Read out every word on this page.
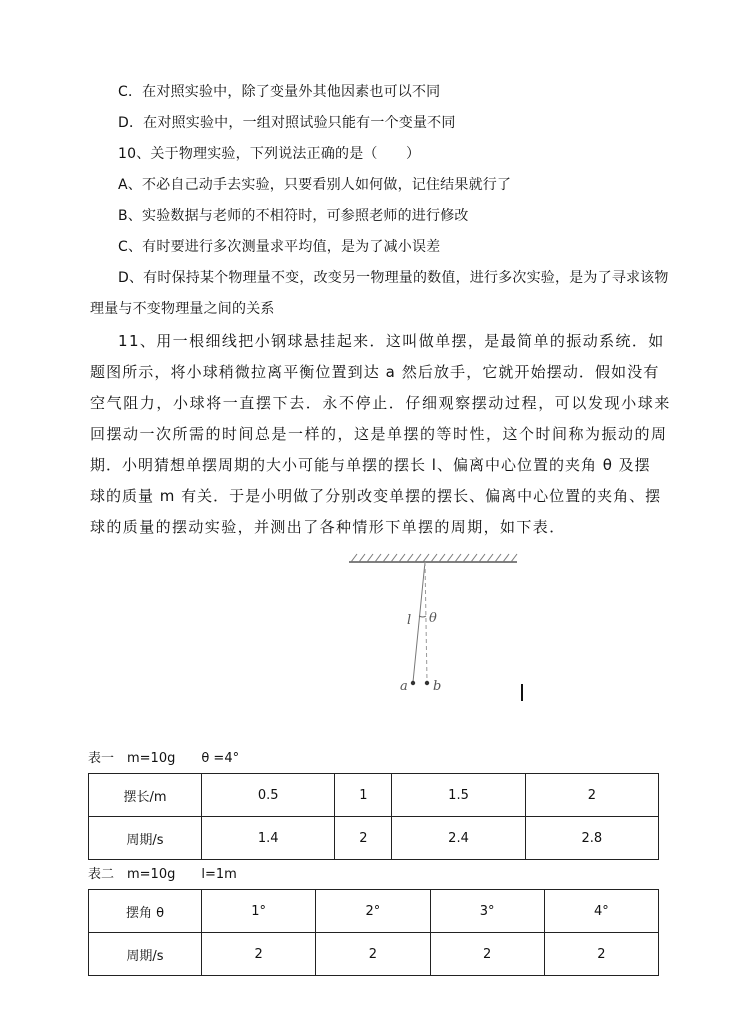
C．在对照实验中，除了变量外其他因素也可以不同
D．在对照实验中，一组对照试验只能有一个变量不同
10、关于物理实验，下列说法正确的是（　　）
A、不必自己动手去实验，只要看别人如何做，记住结果就行了
B、实验数据与老师的不相符时，可参照老师的进行修改
C、有时要进行多次测量求平均值，是为了减小误差
D、有时保持某个物理量不变，改变另一物理量的数值，进行多次实验，是为了寻求该物
理量与不变物理量之间的关系
11、用一根细线把小钢球悬挂起来．这叫做单摆，是最简单的振动系统．如
题图所示，将小球稍微拉离平衡位置到达 a 然后放手，它就开始摆动．假如没有
空气阻力，小球将一直摆下去．永不停止．仔细观察摆动过程，可以发现小球来
回摆动一次所需的时间总是一样的，这是单摆的等时性，这个时间称为振动的周
期．小明猜想单摆周期的大小可能与单摆的摆长 l、偏离中心位置的夹角 θ 及摆
球的质量 m 有关．于是小明做了分别改变单摆的摆长、偏离中心位置的夹角、摆
球的质量的摆动实验，并测出了各种情形下单摆的周期，如下表．
l θ
a b
表一　m=10g　　θ =4°
摆长/m	0.5	1	1.5	2
周期/s	1.4	2	2.4	2.8
表二　m=10g　　l=1m
摆角 θ	1°	2°	3°	4°
周期/s	2	2	2	2
